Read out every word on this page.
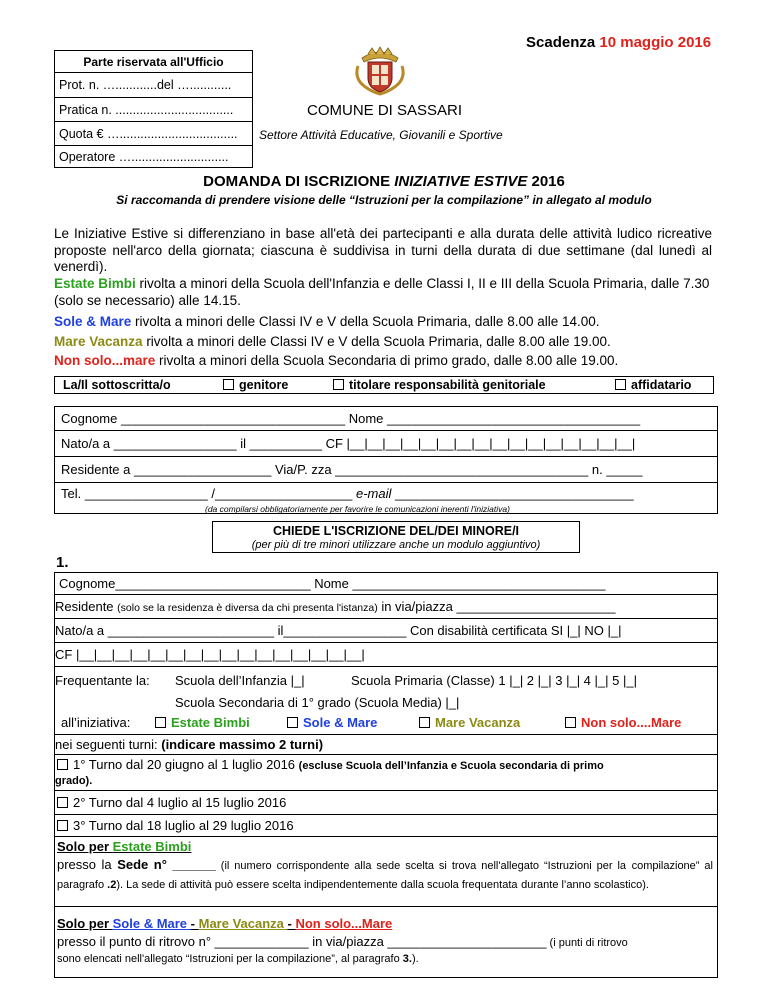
Scadenza 10 maggio 2016
Parte riservata all'Ufficio
Prot. n. …............del …............
Pratica n. ..................................
Quota € …..................................
Operatore …............................
COMUNE DI SASSARI
Settore Attività Educative, Giovanili e Sportive
DOMANDA DI ISCRIZIONE INIZIATIVE ESTIVE 2016
Si raccomanda di prendere visione delle “Istruzioni per la compilazione” in allegato al modulo
Le Iniziative Estive si differenziano in base all'età dei partecipanti e alla durata delle attività ludico ricreative proposte nell'arco della giornata; ciascuna è suddivisa in turni della durata di due settimane (dal lunedì al venerdì).
Estate Bimbi rivolta a minori della Scuola dell'Infanzia e delle Classi I, II e III della Scuola Primaria, dalle 7.30 (solo se necessario) alle 14.15.
Sole & Mare rivolta a minori delle Classi IV e V della Scuola Primaria, dalle 8.00 alle 14.00.
Mare Vacanza rivolta a minori delle Classi IV e V della Scuola Primaria, dalle 8.00 alle 19.00.
Non solo...mare rivolta a minori della Scuola Secondaria di primo grado, dalle 8.00 alle 19.00.
La/Il sottoscritta/o	genitore	titolare responsabilità genitoriale	affidatario
Cognome _______________________________ Nome ___________________________________
Nato/a a _________________ il __________ CF |__|__|__|__|__|__|__|__|__|__|__|__|__|__|__|__|
Residente a ___________________ Via/P. zza ___________________________________ n. _____
Tel. _________________ /___________________ e-mail _________________________________
(da compilarsi obbligatoriamente per favorire le comunicazioni inerenti l'iniziativa)
CHIEDE L'ISCRIZIONE DEL/DEI MINORE/I
(per più di tre minori utilizzare anche un modulo aggiuntivo)
1.
Cognome___________________________ Nome ___________________________________
Residente (solo se la residenza è diversa da chi presenta l'istanza) in via/piazza ______________________
Nato/a a _______________________ il_________________ Con disabilità certificata SI |_| NO |_|
CF |__|__|__|__|__|__|__|__|__|__|__|__|__|__|__|__|
Frequentante la: Scuola dell’Infanzia |_|	Scuola Primaria (Classe) 1 |_| 2 |_| 3 |_| 4 |_| 5 |_|
Scuola Secondaria di 1° grado (Scuola Media) |_|
all’iniziativa:	Estate Bimbi	Sole & Mare	Mare Vacanza	Non solo....Mare
nei seguenti turni: (indicare massimo 2 turni)
1° Turno dal 20 giugno al 1 luglio 2016 (escluse Scuola dell’Infanzia e Scuola secondaria di primo
grado).
2° Turno dal 4 luglio al 15 luglio 2016
3° Turno dal 18 luglio al 29 luglio 2016
Solo per Estate Bimbi
presso la Sede n° ______ (il numero corrispondente alla sede scelta si trova nell'allegato “Istruzioni per la compilazione” al paragrafo .2). La sede di attività può essere scelta indipendentemente dalla scuola frequentata durante l’anno scolastico).
Solo per Sole & Mare - Mare Vacanza - Non solo...Mare
presso il punto di ritrovo n° _____________ in via/piazza ______________________ (i punti di ritrovo
sono elencati nell'allegato “Istruzioni per la compilazione”, al paragrafo 3.).
